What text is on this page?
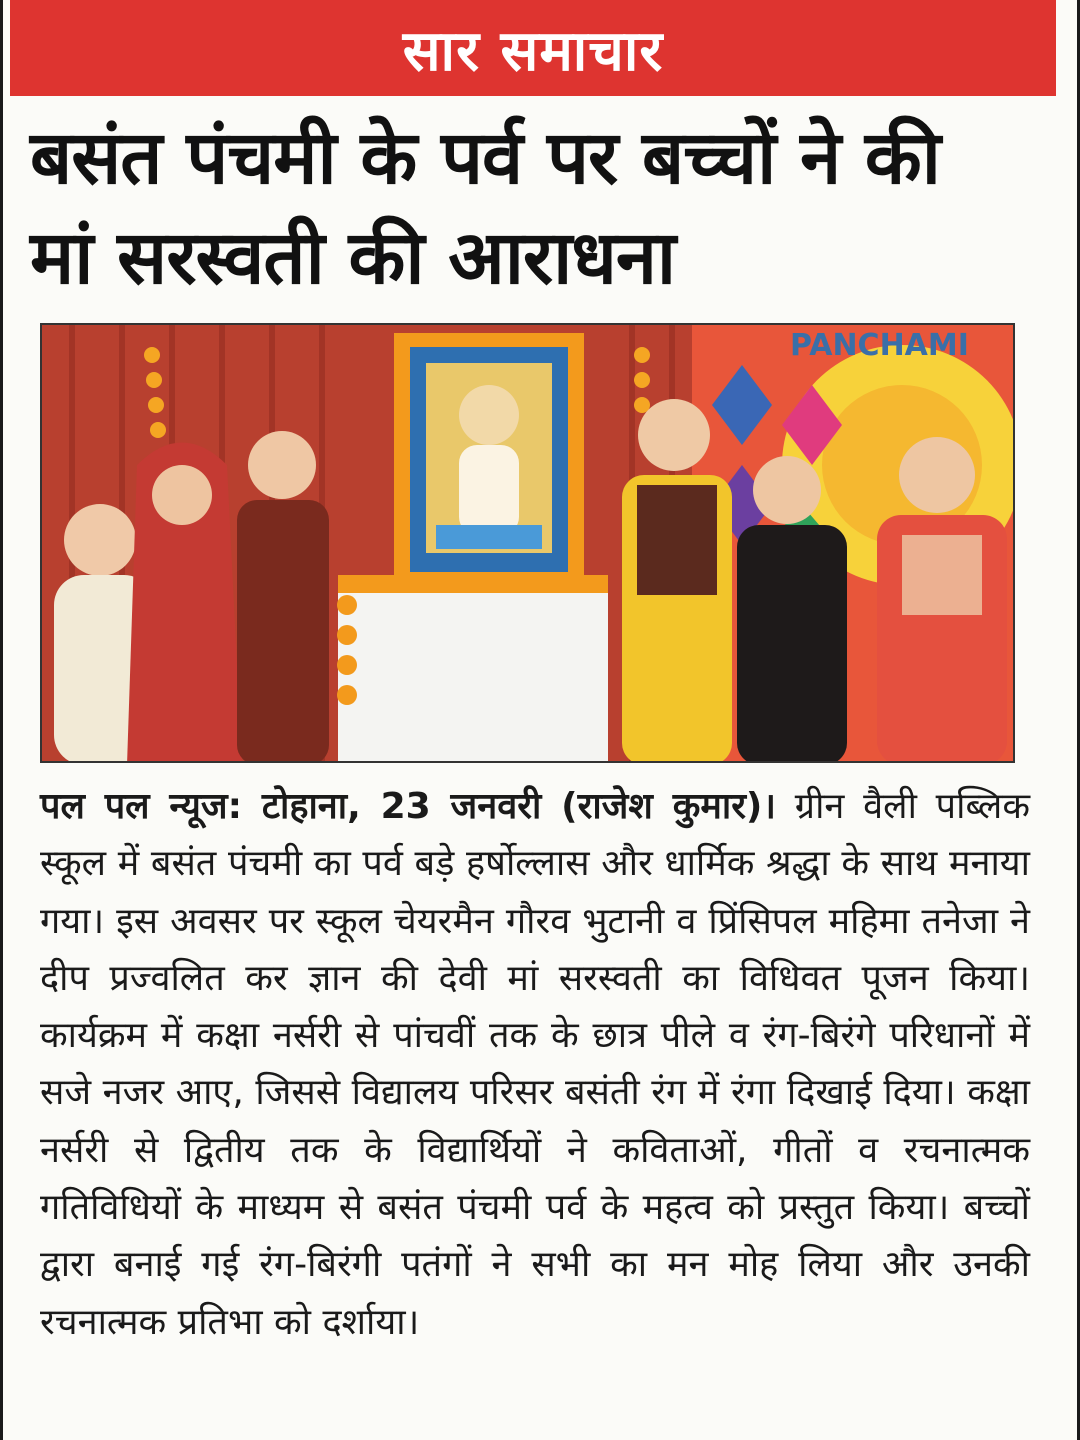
सार समाचार
बसंत पंचमी के पर्व पर बच्चों ने की
मां सरस्वती की आराधना
PANCHAMI
पल पल न्यूज: टोहाना, 23 जनवरी (राजेश कुमार)। ग्रीन वैली पब्लिक स्कूल में बसंत पंचमी का पर्व बड़े हर्षोल्लास और धार्मिक श्रद्धा के साथ मनाया गया। इस अवसर पर स्कूल चेयरमैन गौरव भुटानी व प्रिंसिपल महिमा तनेजा ने दीप प्रज्वलित कर ज्ञान की देवी मां सरस्वती का विधिवत पूजन किया। कार्यक्रम में कक्षा नर्सरी से पांचवीं तक के छात्र पीले व रंग-बिरंगे परिधानों में सजे नजर आए, जिससे विद्यालय परिसर बसंती रंग में रंगा दिखाई दिया। कक्षा नर्सरी से द्वितीय तक के विद्यार्थियों ने कविताओं, गीतों व रचनात्मक गतिविधियों के माध्यम से बसंत पंचमी पर्व के महत्व को प्रस्तुत किया। बच्चों द्वारा बनाई गई रंग-बिरंगी पतंगों ने सभी का मन मोह लिया और उनकी रचनात्मक प्रतिभा को दर्शाया।
